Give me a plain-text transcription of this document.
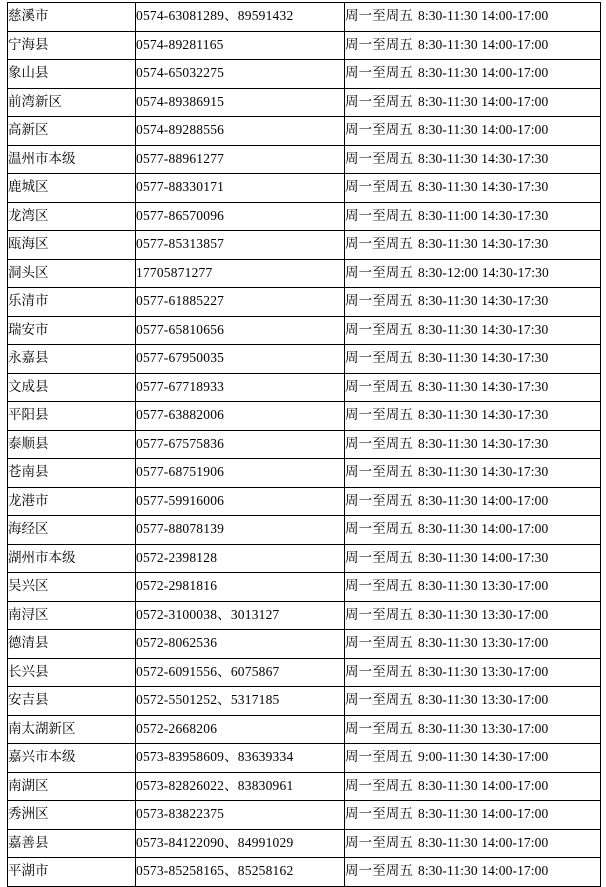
慈溪市	0574-63081289、89591432	周一至周五 8:30-11:30 14:00-17:00
宁海县	0574-89281165	周一至周五 8:30-11:30 14:00-17:00
象山县	0574-65032275	周一至周五 8:30-11:30 14:00-17:00
前湾新区	0574-89386915	周一至周五 8:30-11:30 14:00-17:00
高新区	0574-89288556	周一至周五 8:30-11:30 14:00-17:00
温州市本级	0577-88961277	周一至周五 8:30-11:30 14:30-17:30
鹿城区	0577-88330171	周一至周五 8:30-11:30 14:30-17:30
龙湾区	0577-86570096	周一至周五 8:30-11:00 14:30-17:30
瓯海区	0577-85313857	周一至周五 8:30-11:30 14:30-17:30
洞头区	17705871277	周一至周五 8:30-12:00 14:30-17:30
乐清市	0577-61885227	周一至周五 8:30-11:30 14:30-17:30
瑞安市	0577-65810656	周一至周五 8:30-11:30 14:30-17:30
永嘉县	0577-67950035	周一至周五 8:30-11:30 14:30-17:30
文成县	0577-67718933	周一至周五 8:30-11:30 14:30-17:30
平阳县	0577-63882006	周一至周五 8:30-11:30 14:30-17:30
泰顺县	0577-67575836	周一至周五 8:30-11:30 14:30-17:30
苍南县	0577-68751906	周一至周五 8:30-11:30 14:30-17:30
龙港市	0577-59916006	周一至周五 8:30-11:30 14:00-17:00
海经区	0577-88078139	周一至周五 8:30-11:30 14:00-17:00
湖州市本级	0572-2398128	周一至周五 8:30-11:30 14:00-17:30
吴兴区	0572-2981816	周一至周五 8:30-11:30 13:30-17:00
南浔区	0572-3100038、3013127	周一至周五 8:30-11:30 13:30-17:00
德清县	0572-8062536	周一至周五 8:30-11:30 13:30-17:00
长兴县	0572-6091556、6075867	周一至周五 8:30-11:30 13:30-17:00
安吉县	0572-5501252、5317185	周一至周五 8:30-11:30 13:30-17:00
南太湖新区	0572-2668206	周一至周五 8:30-11:30 13:30-17:00
嘉兴市本级	0573-83958609、83639334	周一至周五 9:00-11:30 14:30-17:00
南湖区	0573-82826022、83830961	周一至周五 8:30-11:30 14:00-17:00
秀洲区	0573-83822375	周一至周五 8:30-11:30 14:00-17:00
嘉善县	0573-84122090、84991029	周一至周五 8:30-11:30 14:00-17:00
平湖市	0573-85258165、85258162	周一至周五 8:30-11:30 14:00-17:00
